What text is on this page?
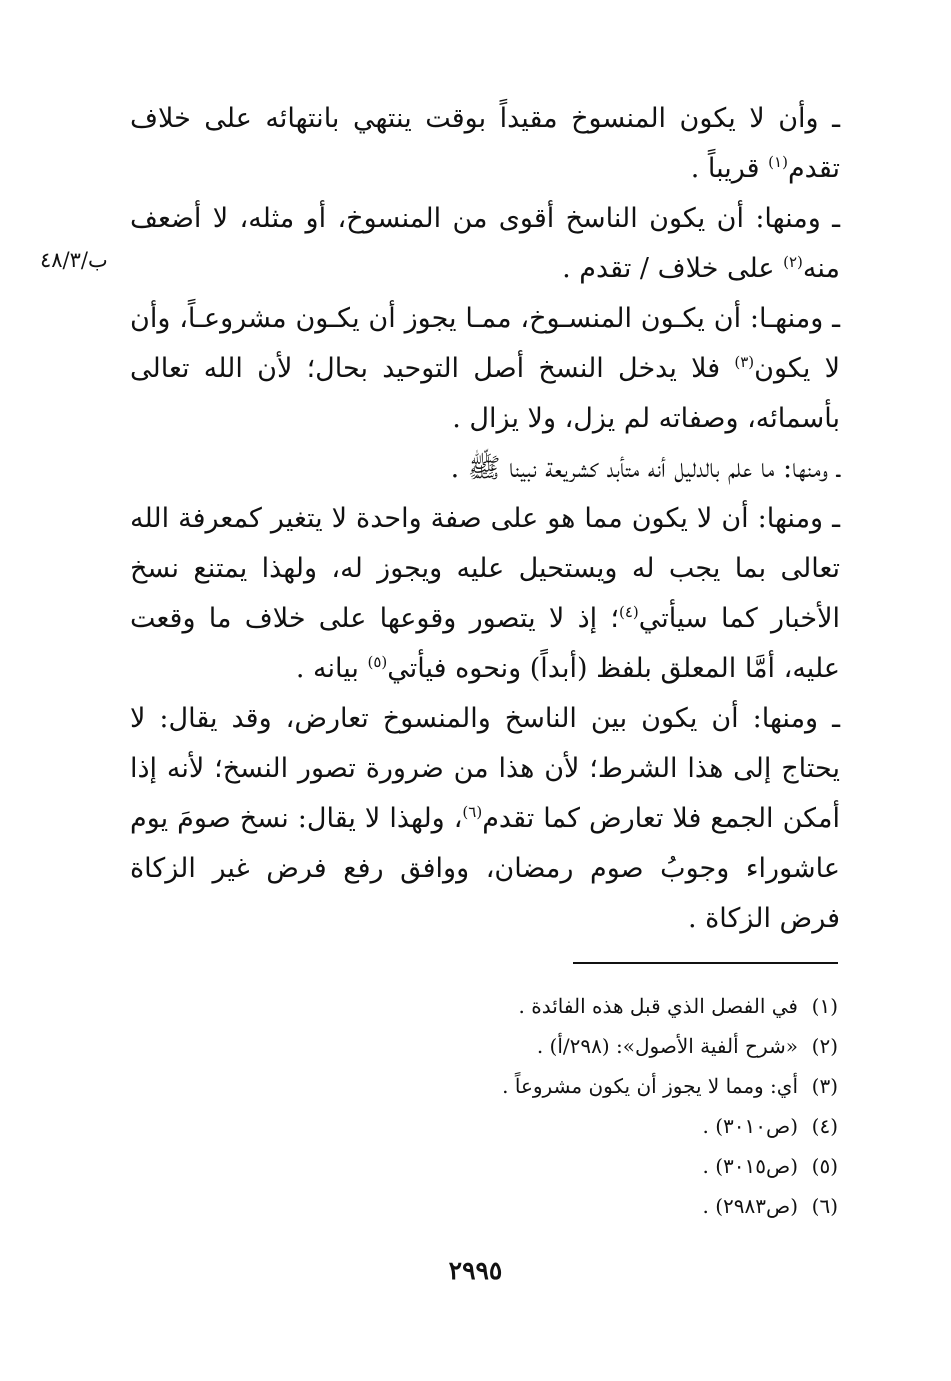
ب/٤٨/٣

ـ وأن لا يكون المنسوخ مقيداً بوقت ينتهي بانتهائه على خلاف تقدم$^{(١)}$ قريباً .

ـ ومنها: أن يكون الناسخ أقوى من المنسوخ، أو مثله، لا أضعف منه$^{(٢)}$ على خلاف / تقدم .

ـ ومنهـا: أن يكـون المنسـوخ، ممـا يجوز أن يكـون مشروعـاً، وأن لا يكون$^{(٣)}$ فلا يدخل النسخ أصل التوحيد بحال؛ لأن الله تعالى بأسمائه، وصفاته لم يزل، ولا يزال .

ـ ومنها: ما علم بالدليل أنه متأبد كشريعة نبينا ﷺ .

ـ ومنها: أن لا يكون مما هو على صفة واحدة لا يتغير كمعرفة الله تعالى بما يجب له ويستحيل عليه ويجوز له، ولهذا يمتنع نسخ الأخبار كما سيأتي$^{(٤)}$؛ إذ لا يتصور وقوعها على خلاف ما وقعت عليه، أمَّا المعلق بلفظ (أبداً) ونحوه فيأتي$^{(٥)}$ بيانه .

ـ ومنها: أن يكون بين الناسخ والمنسوخ تعارض، وقد يقال: لا يحتاج إلى هذا الشرط؛ لأن هذا من ضرورة تصور النسخ؛ لأنه إذا أمكن الجمع فلا تعارض كما تقدم$^{(٦)}$، ولهذا لا يقال: نسخ صومَ يوم عاشوراء وجوبُ صوم رمضان، ووافق رفع فرض غير الزكاة فرض الزكاة .

(١)
في الفصل الذي قبل هذه الفائدة .
(٢)
«شرح ألفية الأصول»: (٢٩٨/أ) .
(٣)
أي: ومما لا يجوز أن يكون مشروعاً .
(٤)
(ص٣٠١٠) .
(٥)
(ص٣٠١٥) .
(٦)
(ص٢٩٨٣) .
٢٩٩٥
